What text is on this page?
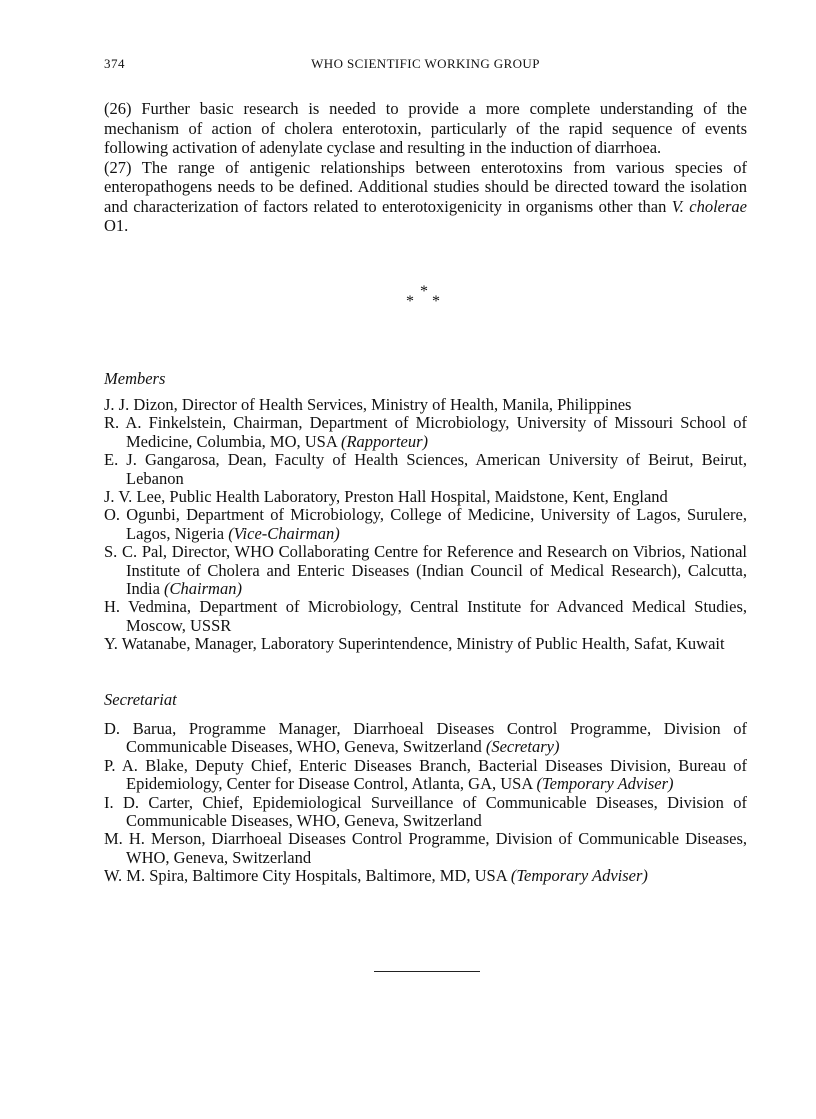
374	WHO SCIENTIFIC WORKING GROUP

(26) Further basic research is needed to provide a more complete understanding of the mechanism of action of cholera enterotoxin, particularly of the rapid sequence of events following activation of adenylate cyclase and resulting in the induction of diarrhoea.

(27) The range of antigenic relationships between enterotoxins from various species of enteropathogens needs to be defined. Additional studies should be directed toward the isolation and characterization of factors related to enterotoxigenicity in organisms other than V. cholerae O1.

*
* *
Members

J. J. Dizon, Director of Health Services, Ministry of Health, Manila, Philippines

R. A. Finkelstein, Chairman, Department of Microbiology, University of Missouri School of Medicine, Columbia, MO, USA (Rapporteur)

E. J. Gangarosa, Dean, Faculty of Health Sciences, American University of Beirut, Beirut, Lebanon

J. V. Lee, Public Health Laboratory, Preston Hall Hospital, Maidstone, Kent, England

O. Ogunbi, Department of Microbiology, College of Medicine, University of Lagos, Surulere, Lagos, Nigeria (Vice-Chairman)

S. C. Pal, Director, WHO Collaborating Centre for Reference and Research on Vibrios, National Institute of Cholera and Enteric Diseases (Indian Council of Medical Research), Calcutta, India (Chairman)

H. Vedmina, Department of Microbiology, Central Institute for Advanced Medical Studies, Moscow, USSR

Y. Watanabe, Manager, Laboratory Superintendence, Ministry of Public Health, Safat, Kuwait

Secretariat

D. Barua, Programme Manager, Diarrhoeal Diseases Control Programme, Division of Communicable Diseases, WHO, Geneva, Switzerland (Secretary)

P. A. Blake, Deputy Chief, Enteric Diseases Branch, Bacterial Diseases Division, Bureau of Epidemiology, Center for Disease Control, Atlanta, GA, USA (Temporary Adviser)

I. D. Carter, Chief, Epidemiological Surveillance of Communicable Diseases, Division of Communicable Diseases, WHO, Geneva, Switzerland

M. H. Merson, Diarrhoeal Diseases Control Programme, Division of Communicable Diseases, WHO, Geneva, Switzerland

W. M. Spira, Baltimore City Hospitals, Baltimore, MD, USA (Temporary Adviser)
